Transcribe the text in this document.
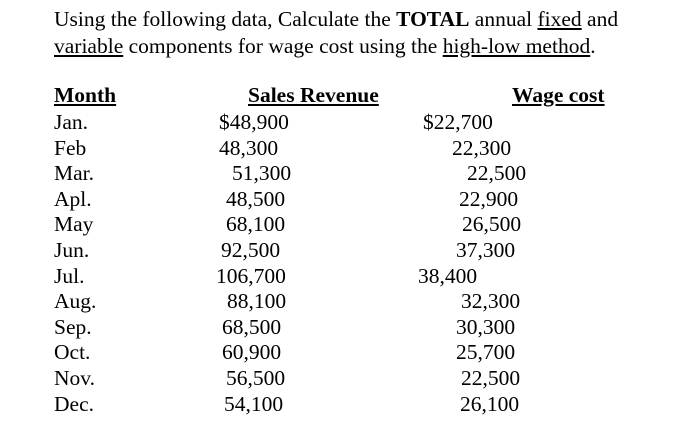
Using the following data, Calculate the TOTAL annual fixed and
variable components for wage cost using the high-low method.

Month	Sales Revenue	Wage cost
Jan.	$48,900	$22,700
Feb	48,300	22,300
Mar.	51,300	22,500
Apl.	48,500	22,900
May	68,100	26,500
Jun.	92,500	37,300
Jul.	106,700	38,400
Aug.	88,100	32,300
Sep.	68,500	30,300
Oct.	60,900	25,700
Nov.	56,500	22,500
Dec.	54,100	26,100
